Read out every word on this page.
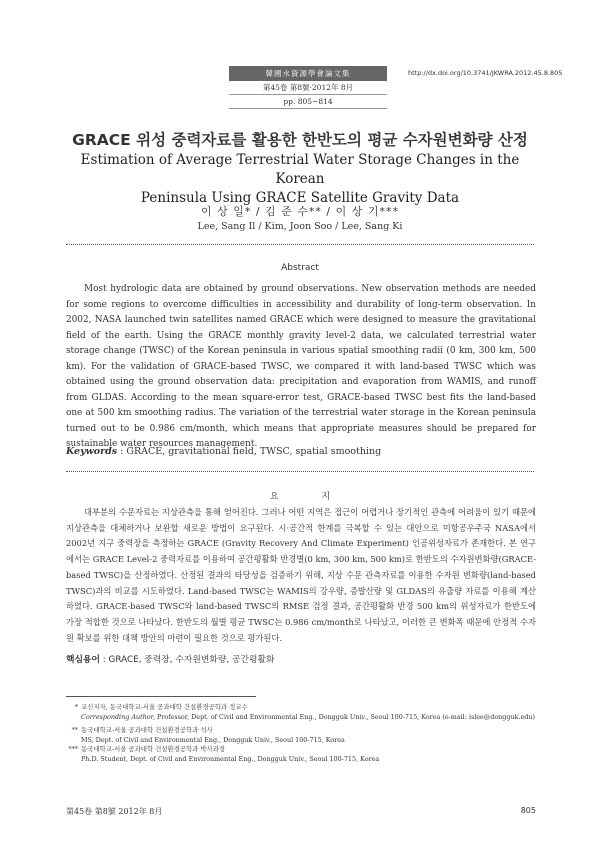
韓國水資源學會論文集
第45卷 第8號·2012年 8月
pp. 805~814
http://dx.doi.org/10.3741/JKWRA.2012.45.8.805
GRACE 위성 중력자료를 활용한 한반도의 평균 수자원변화량 산정
Estimation of Average Terrestrial Water Storage Changes in the Korean
Peninsula Using GRACE Satellite Gravity Data
이 상 일* / 김 준 수** / 이 상 기***
Lee, Sang Il / Kim, Joon Soo / Lee, Sang Ki
Abstract
Most hydrologic data are obtained by ground observations. New observation methods are needed for some regions to overcome difficulties in accessibility and durability of long-term observation. In 2002, NASA launched twin satellites named GRACE which were designed to measure the gravitational field of the earth. Using the GRACE monthly gravity level-2 data, we calculated terrestrial water storage change (TWSC) of the Korean peninsula in various spatial smoothing radii (0 km, 300 km, 500 km). For the validation of GRACE-based TWSC, we compared it with land-based TWSC which was obtained using the ground observation data: precipitation and evaporation from WAMIS, and runoff from GLDAS. According to the mean square-error test, GRACE-based TWSC best fits the land-based one at 500 km smoothing radius. The variation of the terrestrial water storage in the Korean peninsula turned out to be 0.986 cm/month, which means that appropriate measures should be prepared for sustainable water resources management.
Keywords : GRACE, gravitational field, TWSC, spatial smoothing
요 지
대부분의 수문자료는 지상관측을 통해 얻어진다. 그러나 어떤 지역은 접근이 어렵거나 장기적인 관측에 어려움이 있기 때문에 지상관측을 대체하거나 보완할 새로운 방법이 요구된다. 시·공간적 한계를 극복할 수 있는 대안으로 미항공우주국 NASA에서 2002년 지구 중력장을 측정하는 GRACE (Gravity Recovery And Climate Experiment) 인공위성자료가 존재한다. 본 연구에서는 GRACE Level-2 중력자료를 이용하여 공간평활화 반경별(0 km, 300 km, 500 km)로 한반도의 수자원변화량(GRACE-based TWSC)을 산정하였다. 산정된 결과의 타당성을 검증하기 위해, 지상 수문 관측자료를 이용한 수자원 변화량(land-based TWSC)과의 비교를 시도하였다. Land-based TWSC는 WAMIS의 강우량, 증발산량 및 GLDAS의 유출량 자료를 이용해 계산하였다. GRACE-based TWSC와 land-based TWSC의 RMSE 검정 결과, 공간평활화 반경 500 km의 위성자료가 한반도에 가장 적합한 것으로 나타났다. 한반도의 월별 평균 TWSC는 0.986 cm/month로 나타났고, 이러한 큰 변화폭 때문에 안정적 수자원 확보를 위한 대책 방안의 마련이 필요한 것으로 평가된다.
핵심용어 : GRACE, 중력장, 수자원변화량, 공간평활화
* 교신저자, 동국대학교-서울 공과대학 건설환경공학과 정교수
Corresponding Author, Professor, Dept. of Civil and Environmental Eng., Dongguk Univ., Seoul 100-715, Korea (e-mail: islee@dongguk.edu)
** 동국대학교-서울 공과대학 건설환경공학과 석사
MS, Dept. of Civil and Environmental Eng., Dongguk Univ., Seoul 100-715, Korea
*** 동국대학교-서울 공과대학 건설환경공학과 박사과정
Ph.D. Student, Dept. of Civil and Environmental Eng., Dongguk Univ., Seoul 100-715, Korea
第45卷 第8號 2012年 8月	805
